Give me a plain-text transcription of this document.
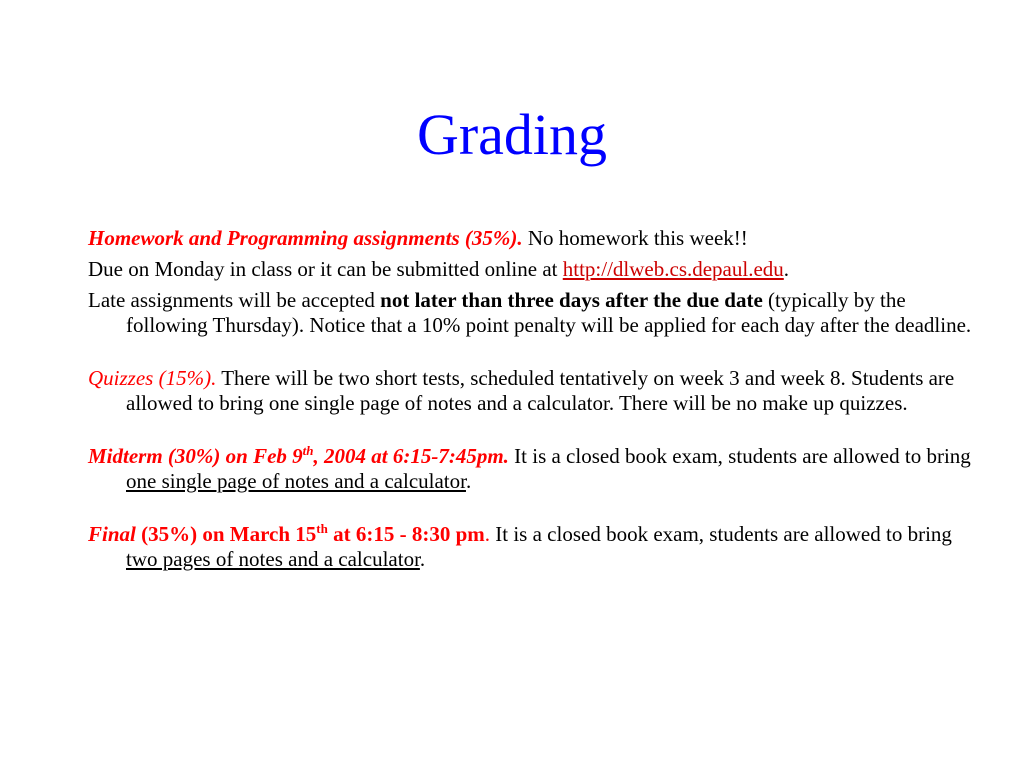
Grading

Homework and Programming assignments (35%). No homework this week!!

Due on Monday in class or it can be submitted online at http://dlweb.cs.depaul.edu.

Late assignments will be accepted not later than three days after the due date (typically by the following Thursday). Notice that a 10% point penalty will be applied for each day after the deadline.

Quizzes (15%). There will be two short tests, scheduled tentatively on week 3 and week 8. Students are allowed to bring one single page of notes and a calculator. There will be no make up quizzes.

Midterm (30%) on Feb 9th, 2004 at 6:15-7:45pm. It is a closed book exam, students are allowed to bring one single page of notes and a calculator.

Final (35%) on March 15th at 6:15 - 8:30 pm. It is a closed book exam, students are allowed to bring two pages of notes and a calculator.
